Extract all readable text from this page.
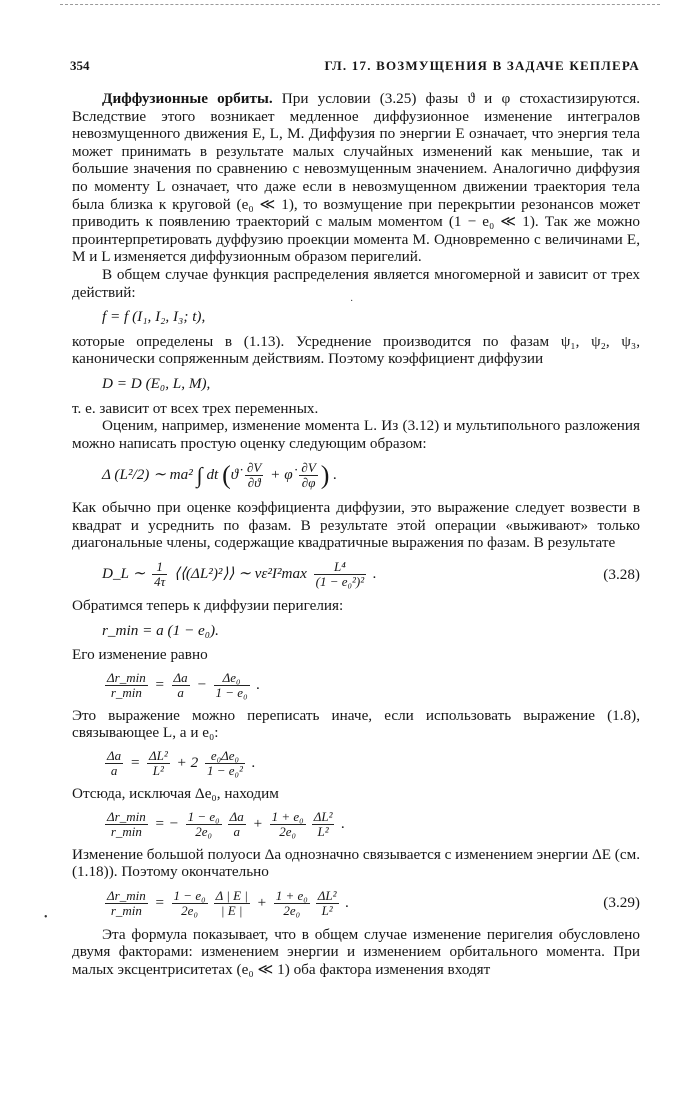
354	ГЛ. 17. ВОЗМУЩЕНИЯ В ЗАДАЧЕ КЕПЛЕРА

Диффузионные орбиты. При условии (3.25) фазы ϑ и φ стохастизируются. Вследствие этого возникает медленное диффузионное изменение интегралов невозмущенного движения E, L, M. Диффузия по энергии E означает, что энергия тела может принимать в результате малых случайных изменений как меньшие, так и большие значения по сравнению с невозмущенным значением. Аналогично диффузия по моменту L означает, что даже если в невозмущенном движении траектория тела была близка к круговой (e₀ ≪ 1), то возмущение при перекрытии резонансов может приводить к появлению траекторий с малым моментом (1 − e₀ ≪ 1). Так же можно проинтерпретировать дуффузию проекции момента M. Одновременно с величинами E, M и L изменяется диффузионным образом перигелий.

В общем случае функция распределения является многомерной и зависит от трех действий:

f = f (I₁, I₂, I₃; t),

которые определены в (1.13). Усреднение производится по фазам ψ₁, ψ₂, ψ₃, канонически сопряженным действиям. Поэтому коэффициент диффузии

D = D (E₀, L, M),

т. е. зависит от всех трех переменных.

Оценим, например, изменение момента L. Из (3.12) и мультипольного разложения можно написать простую оценку следующим образом:

Δ (L²/2) ∼ ma² ∫ dt (ϑ̇ $\frac{\partial V}{\partial ϑ}$ + φ̇ $\frac{\partial V}{\partial\varphi}$ ) .

Как обычно при оценке коэффициента диффузии, это выражение следует возвести в квадрат и усреднить по фазам. В результате этой операции «выживают» только диагональные члены, содержащие квадратичные выражения по фазам. В результате

D_L ∼ $\frac{1}{4\tau}$ ⟨⟨(ΔL²)²⟩⟩ ∼ $\nu\varepsilon^2I^2\max \frac{\text{L⁴}}{\text{(1 − e₀²)²}}$ .	(3.28)

Обратимся теперь к диффузии перигелия:

r_min = a (1 − e₀).

Его изменение равно

$\frac{\Delta r\_\min}{r\_\min} = \frac{\Delta a}{a} - \frac{\text{Δe₀}}{\text{1 − e₀}}$ .

Это выражение можно переписать иначе, если использовать выражение (1.8), связывающее L, a и e₀:

$\frac{\Delta a}{a} = \frac{\text{ΔL²}}{\text{L²}} + 2 \frac{\text{e₀Δe₀}}{\text{1 − e₀²}}$ .

Отсюда, исключая Δe₀, находим

$\frac{\Delta r\_\min}{r\_\min}$ = − $\frac{\text{1 − e₀}}{\text{2e₀}} \frac{\Delta a}{a} + \frac{\text{1 + e₀}}{\text{2e₀}} \frac{\text{ΔL²}}{\text{L²}}$ .

Изменение большой полуоси Δa однозначно связывается с изменением энергии ΔE (см. (1.18)). Поэтому окончательно

$\frac{\Delta r\_\min}{r\_\min} = \frac{\text{1 − e₀}}{\text{2e₀}} \frac{\Delta | E |}{| E |} + \frac{\text{1 + e₀}}{\text{2e₀}} \frac{\text{ΔL²}}{\text{L²}}$ .	(3.29)

Эта формула показывает, что в общем случае изменение перигелия обусловлено двумя факторами: изменением энергии и изменением орбитального момента. При малых эксцентриситетах (e₀ ≪ 1) оба фактора изменения входят

•
·
